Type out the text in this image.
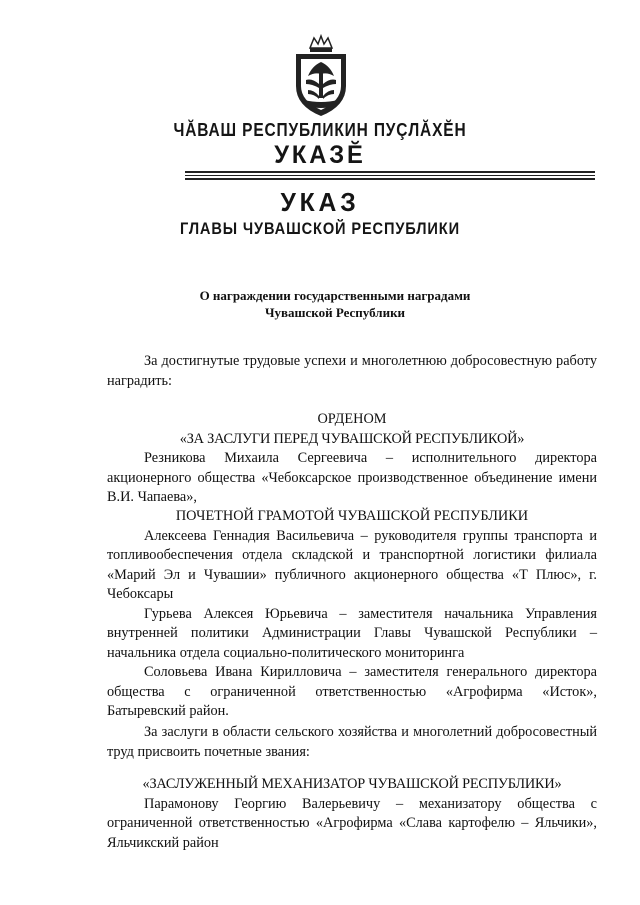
ЧĂВАШ РЕСПУБЛИКИН ПУÇЛĂХĔН
УКАЗĔ
УКАЗ
ГЛАВЫ ЧУВАШСКОЙ РЕСПУБЛИКИ
О награждении государственными наградами
Чувашской Республики

За достигнутые трудовые успехи и многолетнюю добросовестную работу наградить:

ОРДЕНОМ

«ЗА ЗАСЛУГИ ПЕРЕД ЧУВАШСКОЙ РЕСПУБЛИКОЙ»

Резникова Михаила Сергеевича – исполнительного директора акционерного общества «Чебоксарское производственное объединение имени В.И. Чапаева»,

ПОЧЕТНОЙ ГРАМОТОЙ ЧУВАШСКОЙ РЕСПУБЛИКИ

Алексеева Геннадия Васильевича – руководителя группы транспорта и топливообеспечения отдела складской и транспортной логистики филиала «Марий Эл и Чувашии» публичного акционерного общества «Т Плюс», г. Чебоксары

Гурьева Алексея Юрьевича – заместителя начальника Управления внутренней политики Администрации Главы Чувашской Республики – начальника отдела социально-политического мониторинга

Соловьева Ивана Кирилловича – заместителя генерального директора общества с ограниченной ответственностью «Агрофирма «Исток», Батыревский район.

За заслуги в области сельского хозяйства и многолетний добросовестный труд присвоить почетные звания:

«ЗАСЛУЖЕННЫЙ МЕХАНИЗАТОР ЧУВАШСКОЙ РЕСПУБЛИКИ»

Парамонову Георгию Валерьевичу – механизатору общества с ограниченной ответственностью «Агрофирма «Слава картофелю – Яльчики», Яльчикский район
